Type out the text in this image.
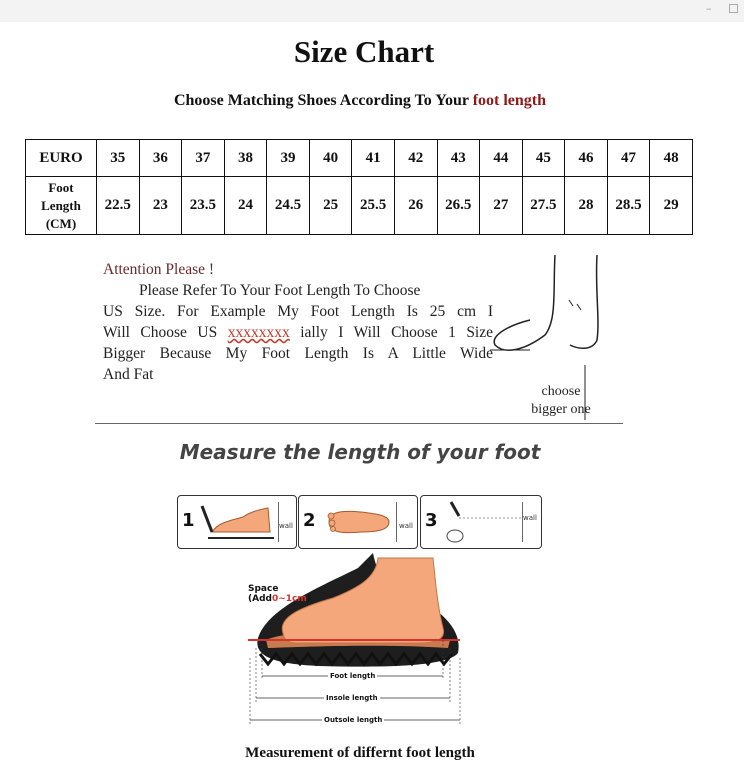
–
Size Chart
Choose Matching Shoes According To Your foot length
EURO	35	36	37	38	39	40	41	42	43	44	45	46	47	48
Foot
Length
(CM)	22.5	23	23.5	24	24.5	25	25.5	26	26.5	27	27.5	28	28.5	29
Attention Please !
Please Refer To Your Foot Length To Choose
US Size. For Example My Foot Length Is 25 cm I
Will Choose US xxxxxxxx ially I Will Choose 1 Size
Bigger Because My Foot Length Is A Little Wide
And Fat
choose
bigger one
Measure the length of your foot
1	wall 2	wall 3	wall
Space
(Add0~1cm)
Foot length
Insole length
Outsole length
Measurement of differnt foot length
